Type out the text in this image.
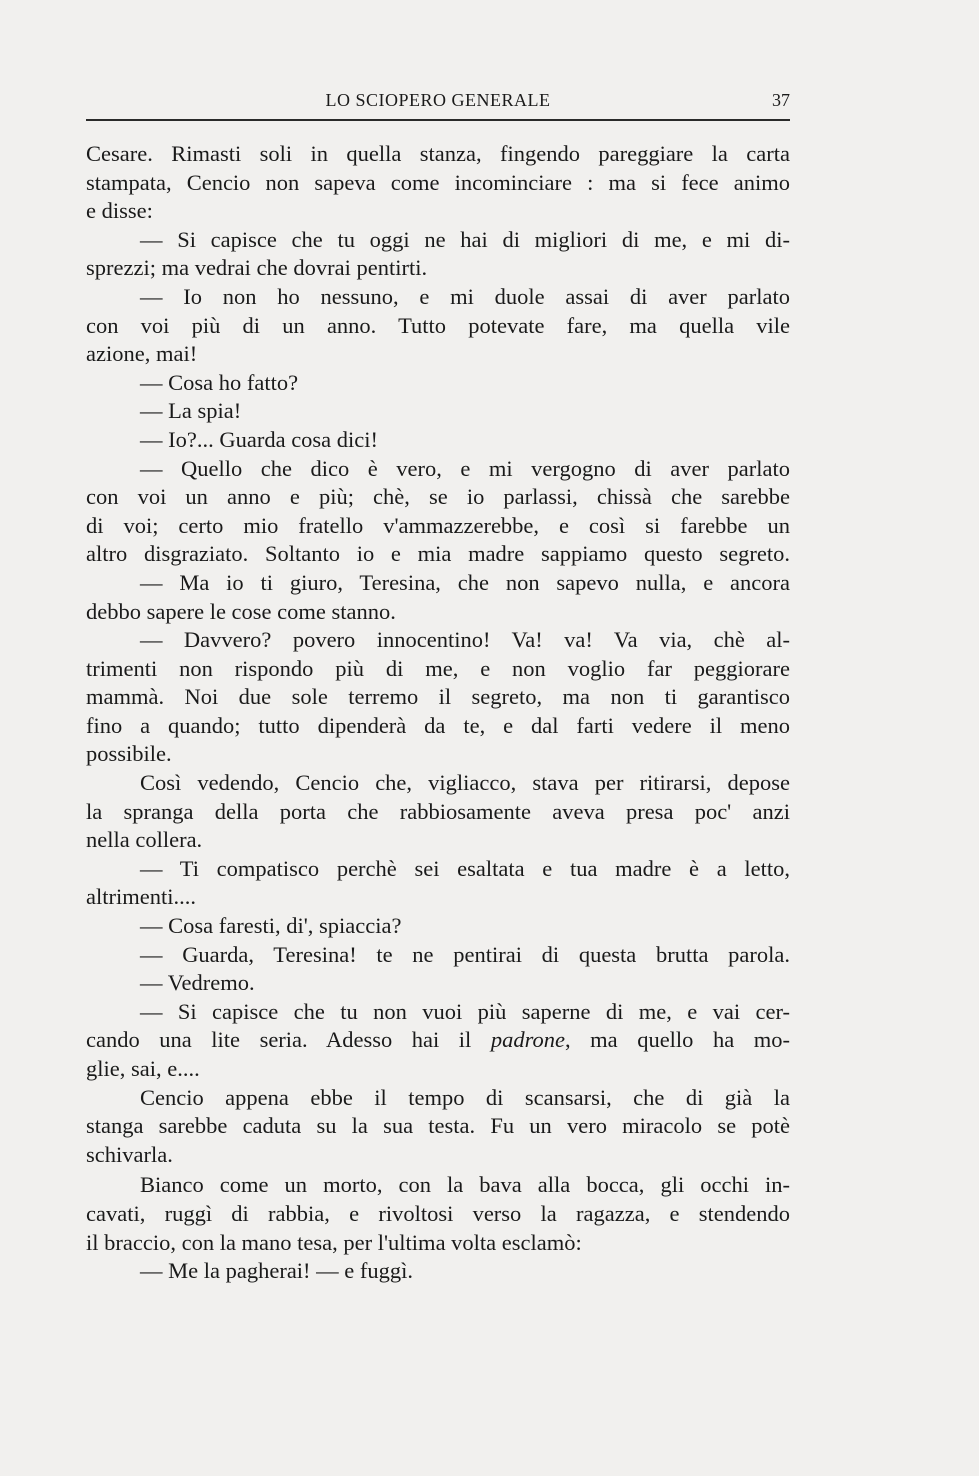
LO SCIOPERO GENERALE	37
Cesare. Rimasti soli in quella stanza, fingendo pareggiare la carta
stampata, Cencio non sapeva come incominciare : ma si fece animo
e disse:
— Si capisce che tu oggi ne hai di migliori di me, e mi di-
sprezzi; ma vedrai che dovrai pentirti.
— Io non ho nessuno, e mi duole assai di aver parlato
con voi più di un anno. Tutto potevate fare, ma quella vile
azione, mai!
— Cosa ho fatto?
— La spia!
— Io?... Guarda cosa dici!
— Quello che dico è vero, e mi vergogno di aver parlato
con voi un anno e più; chè, se io parlassi, chissà che sarebbe
di voi; certo mio fratello v'ammazzerebbe, e così si farebbe un
altro disgraziato. Soltanto io e mia madre sappiamo questo segreto.
— Ma io ti giuro, Teresina, che non sapevo nulla, e ancora
debbo sapere le cose come stanno.
— Davvero? povero innocentino! Va! va! Va via, chè al-
trimenti non rispondo più di me, e non voglio far peggiorare
mammà. Noi due sole terremo il segreto, ma non ti garantisco
fino a quando; tutto dipenderà da te, e dal farti vedere il meno
possibile.
Così vedendo, Cencio che, vigliacco, stava per ritirarsi, depose
la spranga della porta che rabbiosamente aveva presa poc' anzi
nella collera.
— Ti compatisco perchè sei esaltata e tua madre è a letto,
altrimenti....
— Cosa faresti, di', spiaccia?
— Guarda, Teresina! te ne pentirai di questa brutta parola.
— Vedremo.
— Si capisce che tu non vuoi più saperne di me, e vai cer-
cando una lite seria. Adesso hai il padrone, ma quello ha mo-
glie, sai, e....
Cencio appena ebbe il tempo di scansarsi, che di già la
stanga sarebbe caduta su la sua testa. Fu un vero miracolo se potè
schivarla.
Bianco come un morto, con la bava alla bocca, gli occhi in-
cavati, ruggì di rabbia, e rivoltosi verso la ragazza, e stendendo
il braccio, con la mano tesa, per l'ultima volta esclamò:
— Me la pagherai! — e fuggì.
